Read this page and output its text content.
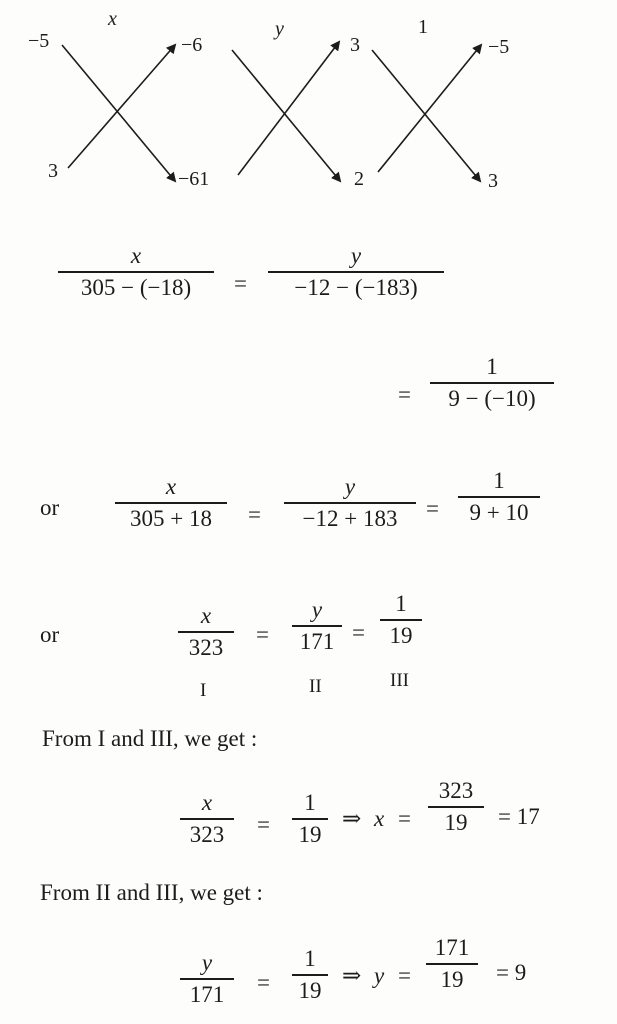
x	y	1
−5
3
−6
−61
3
2
−5
3
x
305 − (−18)	=
y
−12 − (−183)
=
1
9 − (−10)
or
x
305 + 18	=
y
−12 + 183	=
1
9 + 10
or
x
323
=
y
171 =
1
19
I	II	III
From I and III, we get :
x
323	=
1
19
⇒ x =
323
19	= 17
From II and III, we get :
y
171	=
1
19
⇒ y =
171
19	= 9
